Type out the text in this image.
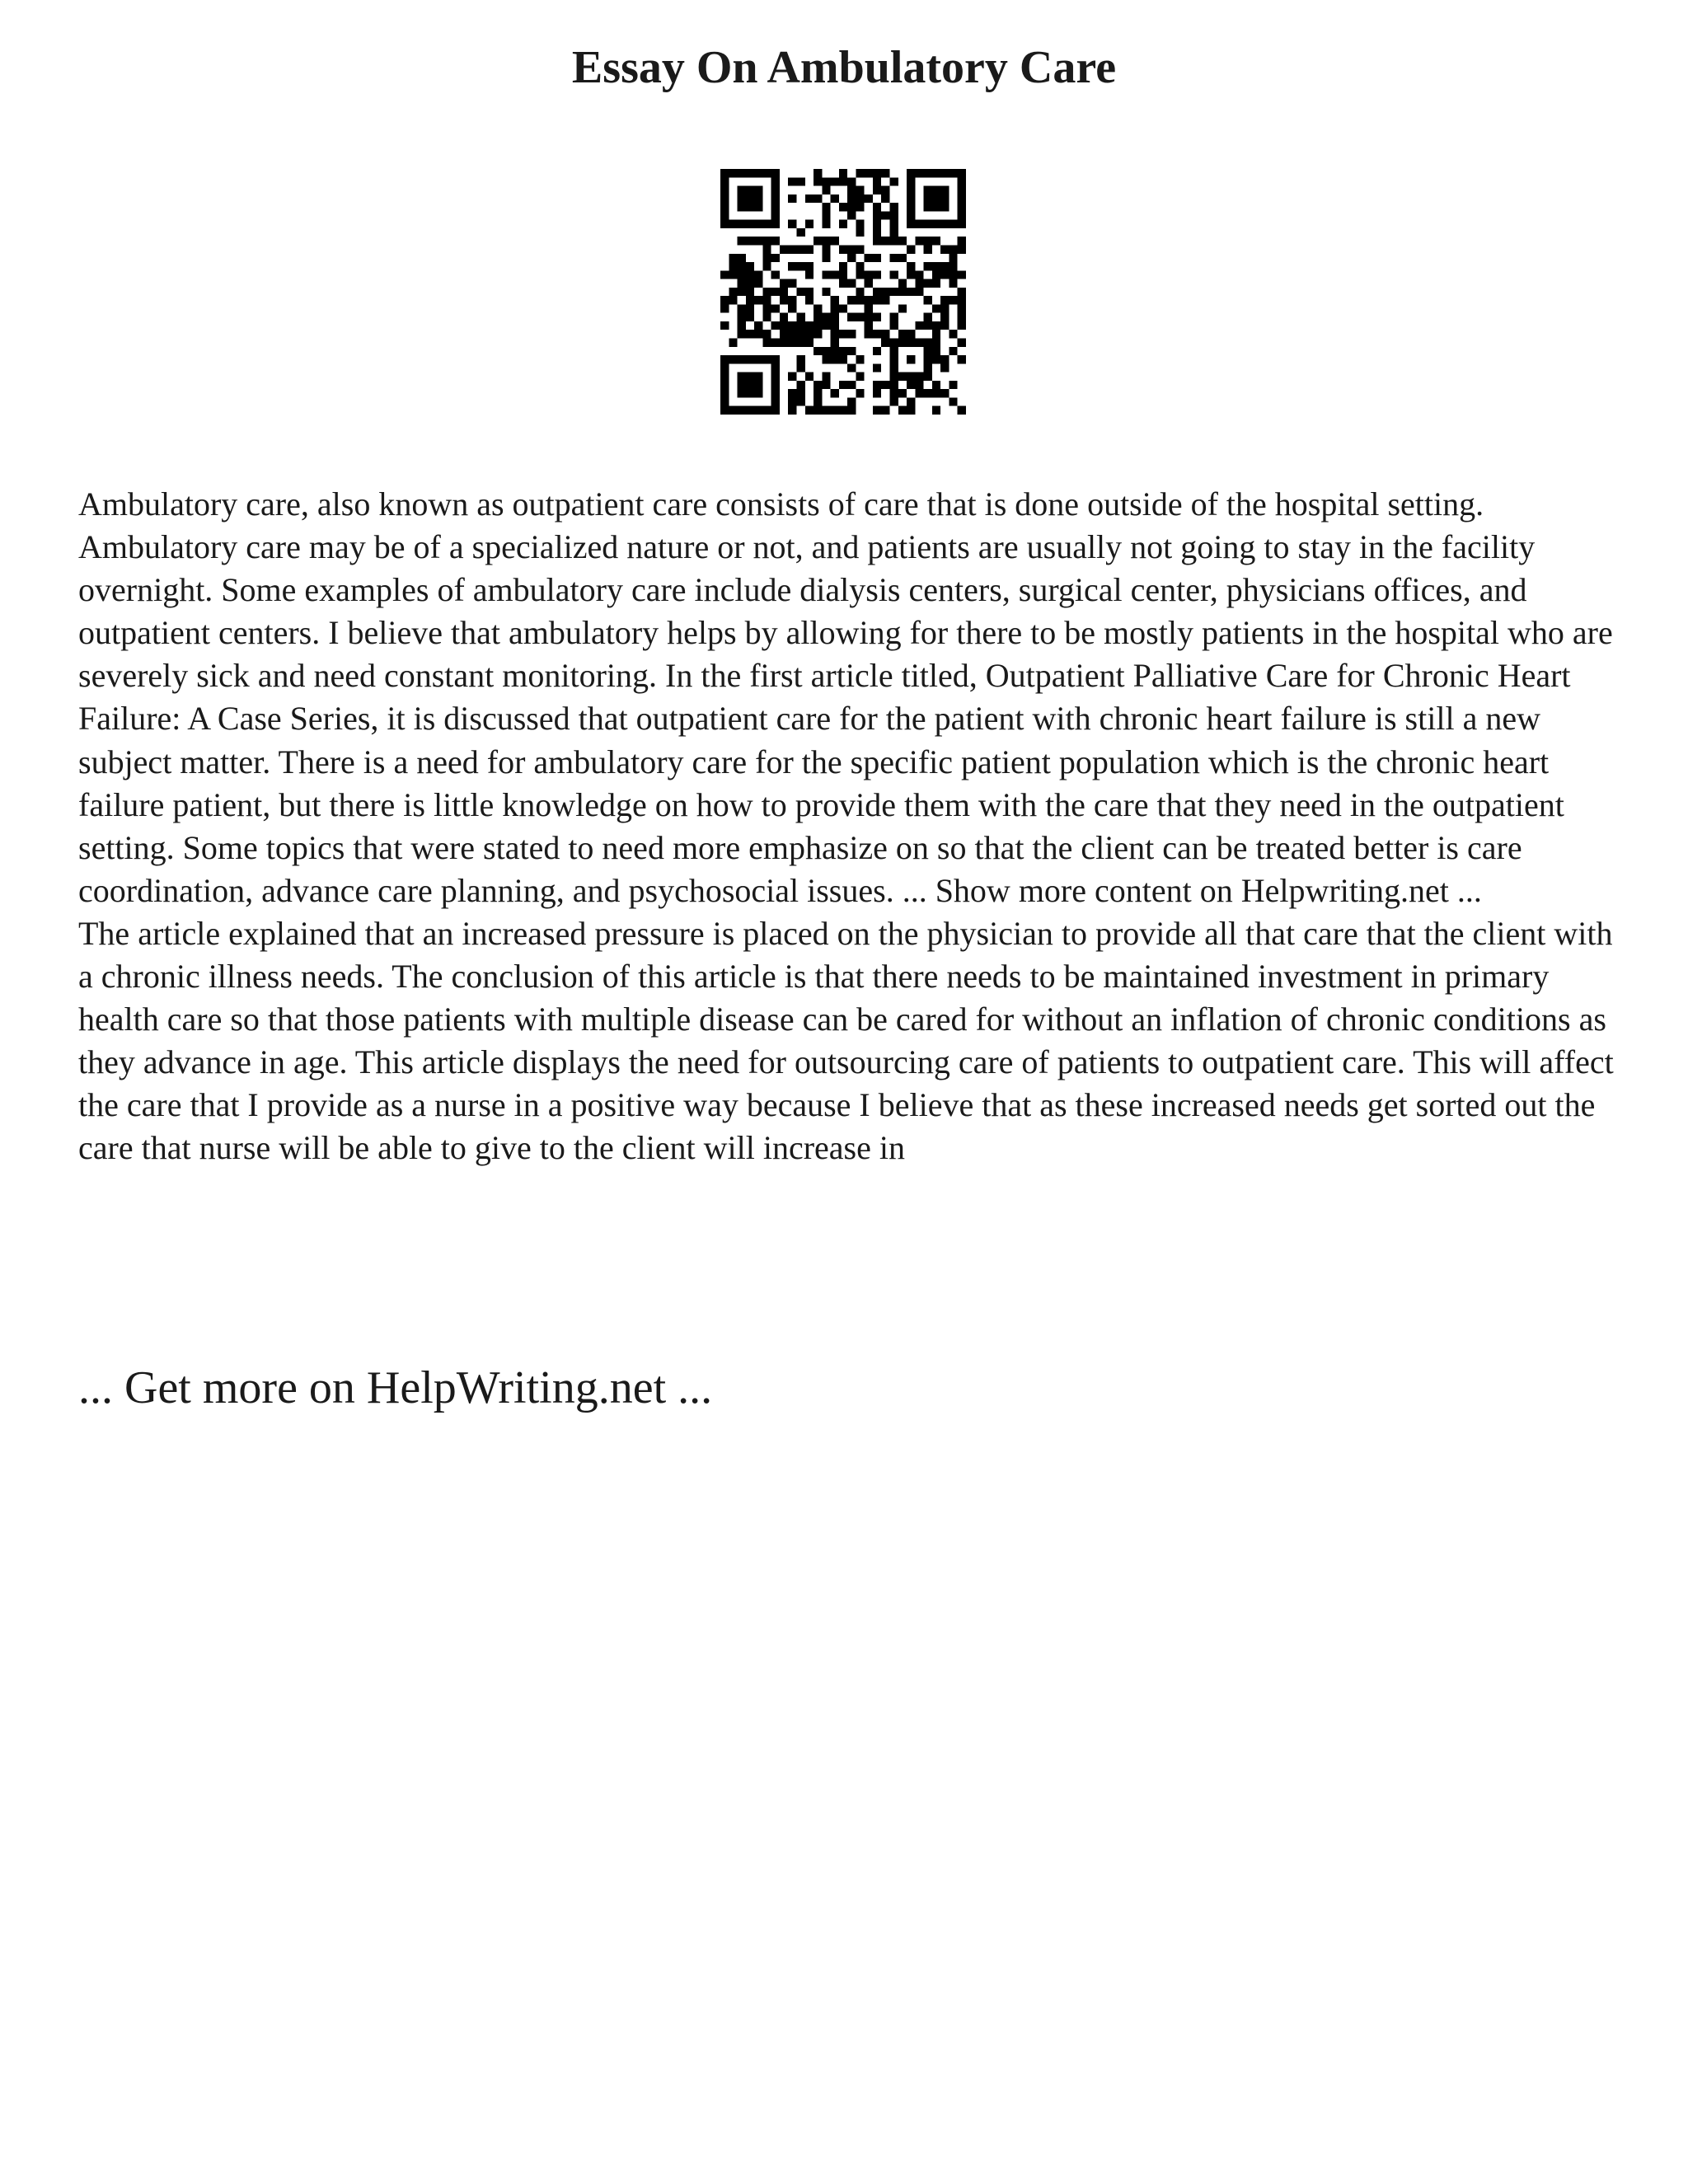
Essay On Ambulatory Care

Ambulatory care, also known as outpatient care consists of care that is done outside of the hospital setting. Ambulatory care may be of a specialized nature or not, and patients are usually not going to stay in the facility overnight. Some examples of ambulatory care include dialysis centers, surgical center, physicians offices, and outpatient centers. I believe that ambulatory helps by allowing for there to be mostly patients in the hospital who are severely sick and need constant monitoring. In the first article titled, Outpatient Palliative Care for Chronic Heart Failure: A Case Series, it is discussed that outpatient care for the patient with chronic heart failure is still a new subject matter. There is a need for ambulatory care for the specific patient population which is the chronic heart failure patient, but there is little knowledge on how to provide them with the care that they need in the outpatient setting. Some topics that were stated to need more emphasize on so that the client can be treated better is care coordination, advance care planning, and psychosocial issues. ... Show more content on Helpwriting.net ...

The article explained that an increased pressure is placed on the physician to provide all that care that the client with a chronic illness needs. The conclusion of this article is that there needs to be maintained investment in primary health care so that those patients with multiple disease can be cared for without an inflation of chronic conditions as they advance in age. This article displays the need for outsourcing care of patients to outpatient care. This will affect the care that I provide as a nurse in a positive way because I believe that as these increased needs get sorted out the care that nurse will be able to give to the client will increase in

... Get more on HelpWriting.net ...
